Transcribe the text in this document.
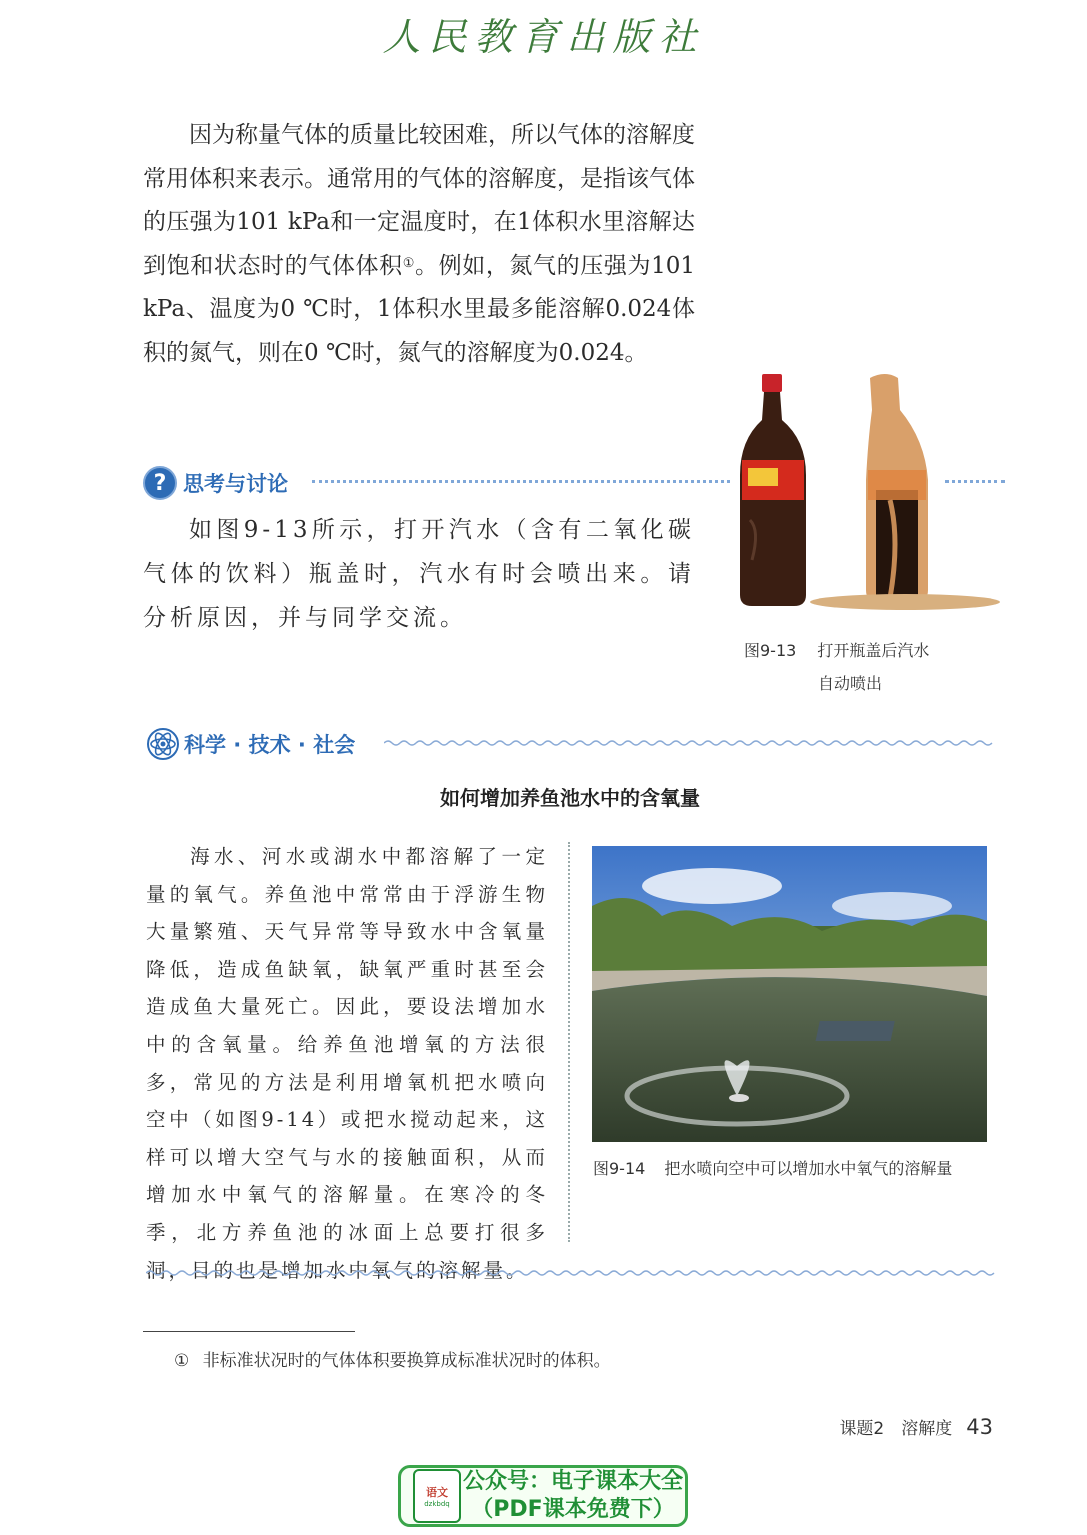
人民教育出版社

因为称量气体的质量比较困难，所以气体的溶解度常用体积来表示。通常用的气体的溶解度，是指该气体的压强为101 kPa和一定温度时，在1体积水里溶解达到饱和状态时的气体体积①。例如，氮气的压强为101 kPa、温度为0 ℃时，1体积水里最多能溶解0.024体积的氮气，则在0 ℃时，氮气的溶解度为0.024。

? 思考与讨论

如图9-13所示，打开汽水（含有二氧化碳气体的饮料）瓶盖时，汽水有时会喷出来。请分析原因，并与同学交流。

图9-13 打开瓶盖后汽水
自动喷出
科学 · 技术 · 社会
如何增加养鱼池水中的含氧量

海水、河水或湖水中都溶解了一定量的氧气。养鱼池中常常由于浮游生物大量繁殖、天气异常等导致水中含氧量降低，造成鱼缺氧，缺氧严重时甚至会造成鱼大量死亡。因此，要设法增加水中的含氧量。给养鱼池增氧的方法很多，常见的方法是利用增氧机把水喷向空中（如图9-14）或把水搅动起来，这样可以增大空气与水的接触面积，从而增加水中氧气的溶解量。在寒冷的冬季，北方养鱼池的冰面上总要打很多洞，目的也是增加水中氧气的溶解量。

图9-14 把水喷向空中可以增加水中氧气的溶解量
① 非标准状况时的气体体积要换算成标准状况时的体积。
课题2　溶解度 43
语文
dzkbdq
公众号：电子课本大全
（PDF课本免费下）
